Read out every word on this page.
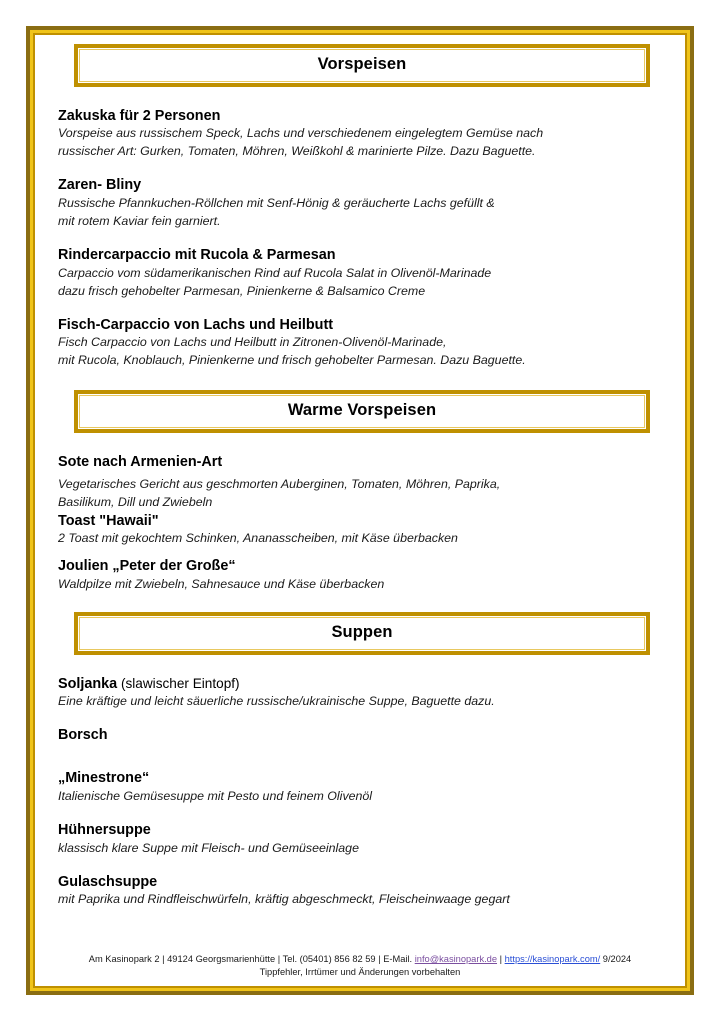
Vorspeisen
Zakuska für 2 Personen
Vorspeise aus russischem Speck, Lachs und verschiedenem eingelegtem Gemüse nach
russischer Art: Gurken, Tomaten, Möhren, Weißkohl & marinierte Pilze. Dazu Baguette.
Zaren- Bliny
Russische Pfannkuchen-Röllchen mit Senf-Hönig & geräucherte Lachs gefüllt &
mit rotem Kaviar fein garniert.
Rindercarpaccio mit Rucola & Parmesan
Carpaccio vom südamerikanischen Rind auf Rucola Salat in Olivenöl-Marinade
dazu frisch gehobelter Parmesan, Pinienkerne & Balsamico Creme
Fisch-Carpaccio von Lachs und Heilbutt
Fisch Carpaccio von Lachs und Heilbutt in Zitronen-Olivenöl-Marinade,
mit Rucola, Knoblauch, Pinienkerne und frisch gehobelter Parmesan. Dazu Baguette.
Warme Vorspeisen
Sote nach Armenien-Art
Vegetarisches Gericht aus geschmorten Auberginen, Tomaten, Möhren, Paprika,
Basilikum, Dill und Zwiebeln
Toast "Hawaii"
2 Toast mit gekochtem Schinken, Ananasscheiben, mit Käse überbacken
Joulien „Peter der Große“
Waldpilze mit Zwiebeln, Sahnesauce und Käse überbacken
Suppen
Soljanka (slawischer Eintopf)
Eine kräftige und leicht säuerliche russische/ukrainische Suppe, Baguette dazu.
Borsch
„Minestrone“
Italienische Gemüsesuppe mit Pesto und feinem Olivenöl
Hühnersuppe
klassisch klare Suppe mit Fleisch- und Gemüseeinlage
Gulaschsuppe
mit Paprika und Rindfleischwürfeln, kräftig abgeschmeckt, Fleischeinwaage gegart
Am Kasinopark 2 | 49124 Georgsmarienhütte | Tel. (05401) 856 82 59 | E-Mail. info@kasinopark.de | https://kasinopark.com/ 9/2024
Tippfehler, Irrtümer und Änderungen vorbehalten
